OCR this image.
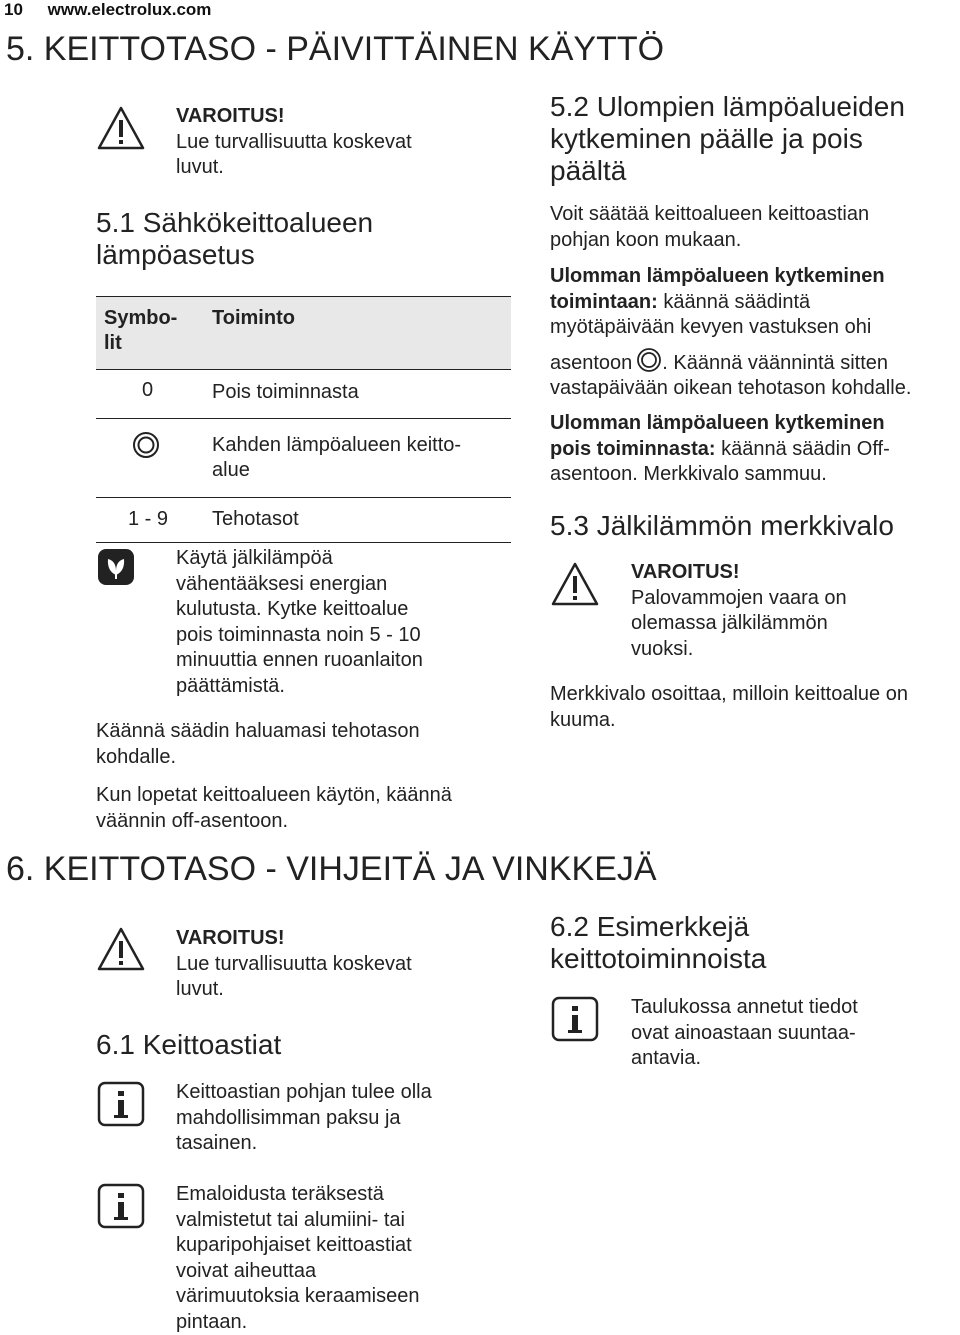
10 www.electrolux.com
5. KEITTOTASO - PÄIVITTÄINEN KÄYTTÖ

VAROITUS!

Lue turvallisuutta koskevat

luvut.

5.1 Sähkökeittoalueen

lämpöasetus

Symbo-
lit
Toiminto
0	Pois toiminnasta
Kahden lämpöalueen keitto-
alue
1 - 9 Tehotasot

Käytä jälkilämpöä

vähentääksesi energian

kulutusta. Kytke keittoalue

pois toiminnasta noin 5 - 10

minuuttia ennen ruoanlaiton

päättämistä.

Käännä säädin haluamasi tehotason

kohdalle.

Kun lopetat keittoalueen käytön, käännä

väännin off-asentoon.

5.2 Ulompien lämpöalueiden

kytkeminen päälle ja pois

päältä

Voit säätää keittoalueen keittoastian

pohjan koon mukaan.

Ulomman lämpöalueen kytkeminen

toimintaan: käännä säädintä

myötäpäivään kevyen vastuksen ohi

asentoon . Käännä väännintä sitten

vastapäivään oikean tehotason kohdalle.

Ulomman lämpöalueen kytkeminen

pois toiminnasta: käännä säädin Off-

asentoon. Merkkivalo sammuu.

5.3 Jälkilämmön merkkivalo

VAROITUS!

Palovammojen vaara on

olemassa jälkilämmön

vuoksi.

Merkkivalo osoittaa, milloin keittoalue on

kuuma.

6. KEITTOTASO - VIHJEITÄ JA VINKKEJÄ

VAROITUS!

Lue turvallisuutta koskevat

luvut.

6.1 Keittoastiat

Keittoastian pohjan tulee olla

mahdollisimman paksu ja

tasainen.

Emaloidusta teräksestä

valmistetut tai alumiini- tai

kuparipohjaiset keittoastiat

voivat aiheuttaa

värimuutoksia keraamiseen

pintaan.

6.2 Esimerkkejä

keittotoiminnoista

Taulukossa annetut tiedot

ovat ainoastaan suuntaa-

antavia.
